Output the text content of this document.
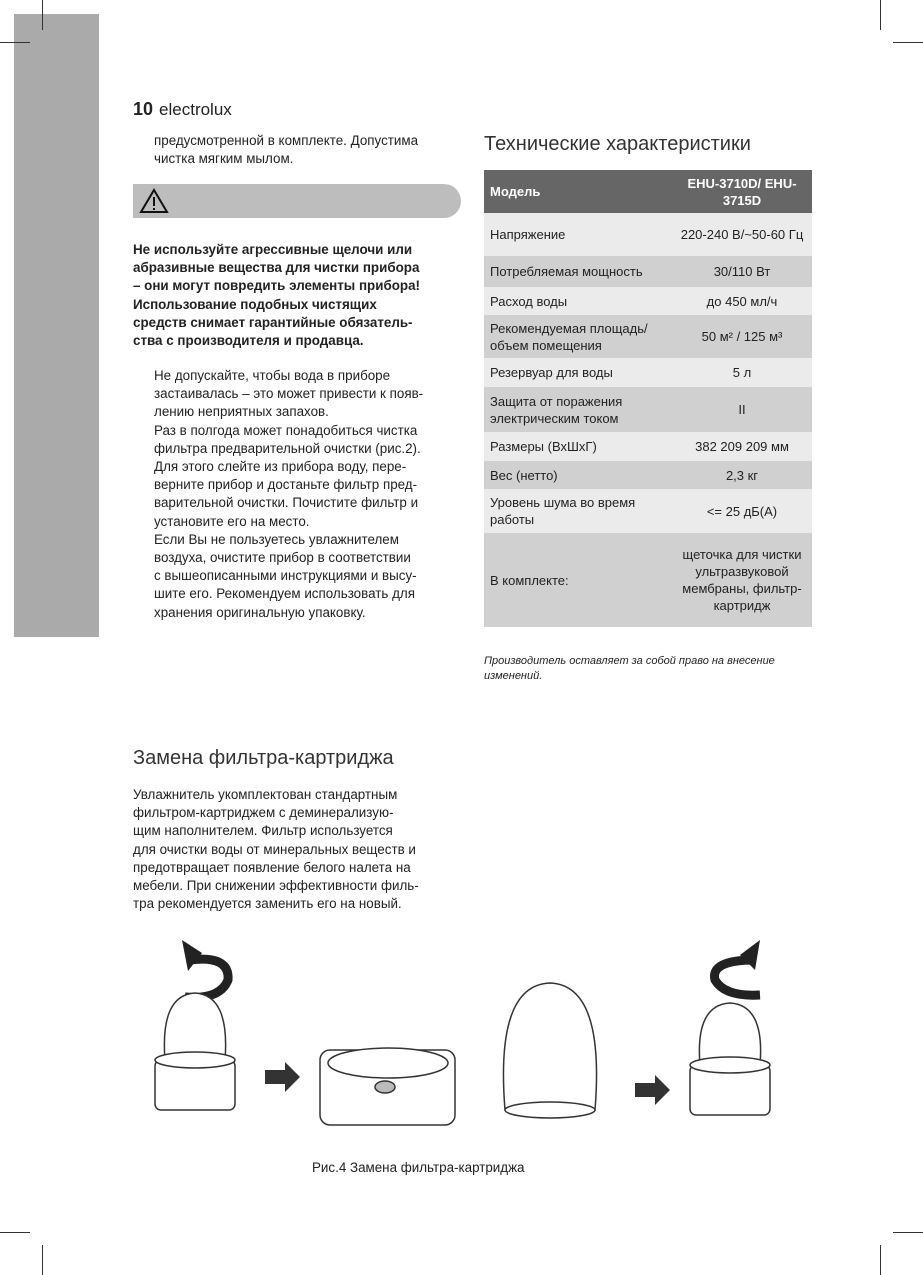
10 electrolux
предусмотренной в комплекте. Допустима
чистка мягким мылом.
Не используйте агрессивные щелочи или
абразивные вещества для чистки прибора
– они могут повредить элементы прибора!
Использование подобных чистящих
средств снимает гарантийные обязатель-
ства с производителя и продавца.
Не допускайте, чтобы вода в приборе
застаивалась – это может привести к появ-
лению неприятных запахов.
Раз в полгода может понадобиться чистка
фильтра предварительной очистки (рис.2).
Для этого слейте из прибора воду, пере-
верните прибор и достаньте фильтр пред-
варительной очистки. Почистите фильтр и
установите его на место.
Если Вы не пользуетесь увлажнителем
воздуха, очистите прибор в соответствии
с вышеописанными инструкциями и высу-
шите его. Рекомендуем использовать для
хранения оригинальную упаковку.
Технические характеристики
Модель	EHU-3710D/ EHU-3715D
Напряжение	220-240 В/~50-60 Гц
Потребляемая мощность	30/110 Вт
Расход воды	до 450 мл/ч
Рекомендуемая площадь/ объем помещения	50 м² / 125 м³
Резервуар для воды	5 л
Защита от поражения электрическим током	II
Размеры (ВхШхГ)	382 209 209 мм
Вес (нетто)	2,3 кг
Уровень шума во время работы	<= 25 дБ(А)
В комплекте:	щеточка для чистки ультразвуковой мембраны, фильтр-картридж
Производитель оставляет за собой право на внесение изменений.
Замена фильтра-картриджа
Увлажнитель укомплектован стандартным
фильтром-картриджем с деминерализую-
щим наполнителем. Фильтр используется
для очистки воды от минеральных веществ и
предотвращает появление белого налета на
мебели. При снижении эффективности филь-
тра рекомендуется заменить его на новый.
Рис.4 Замена фильтра-картриджа
